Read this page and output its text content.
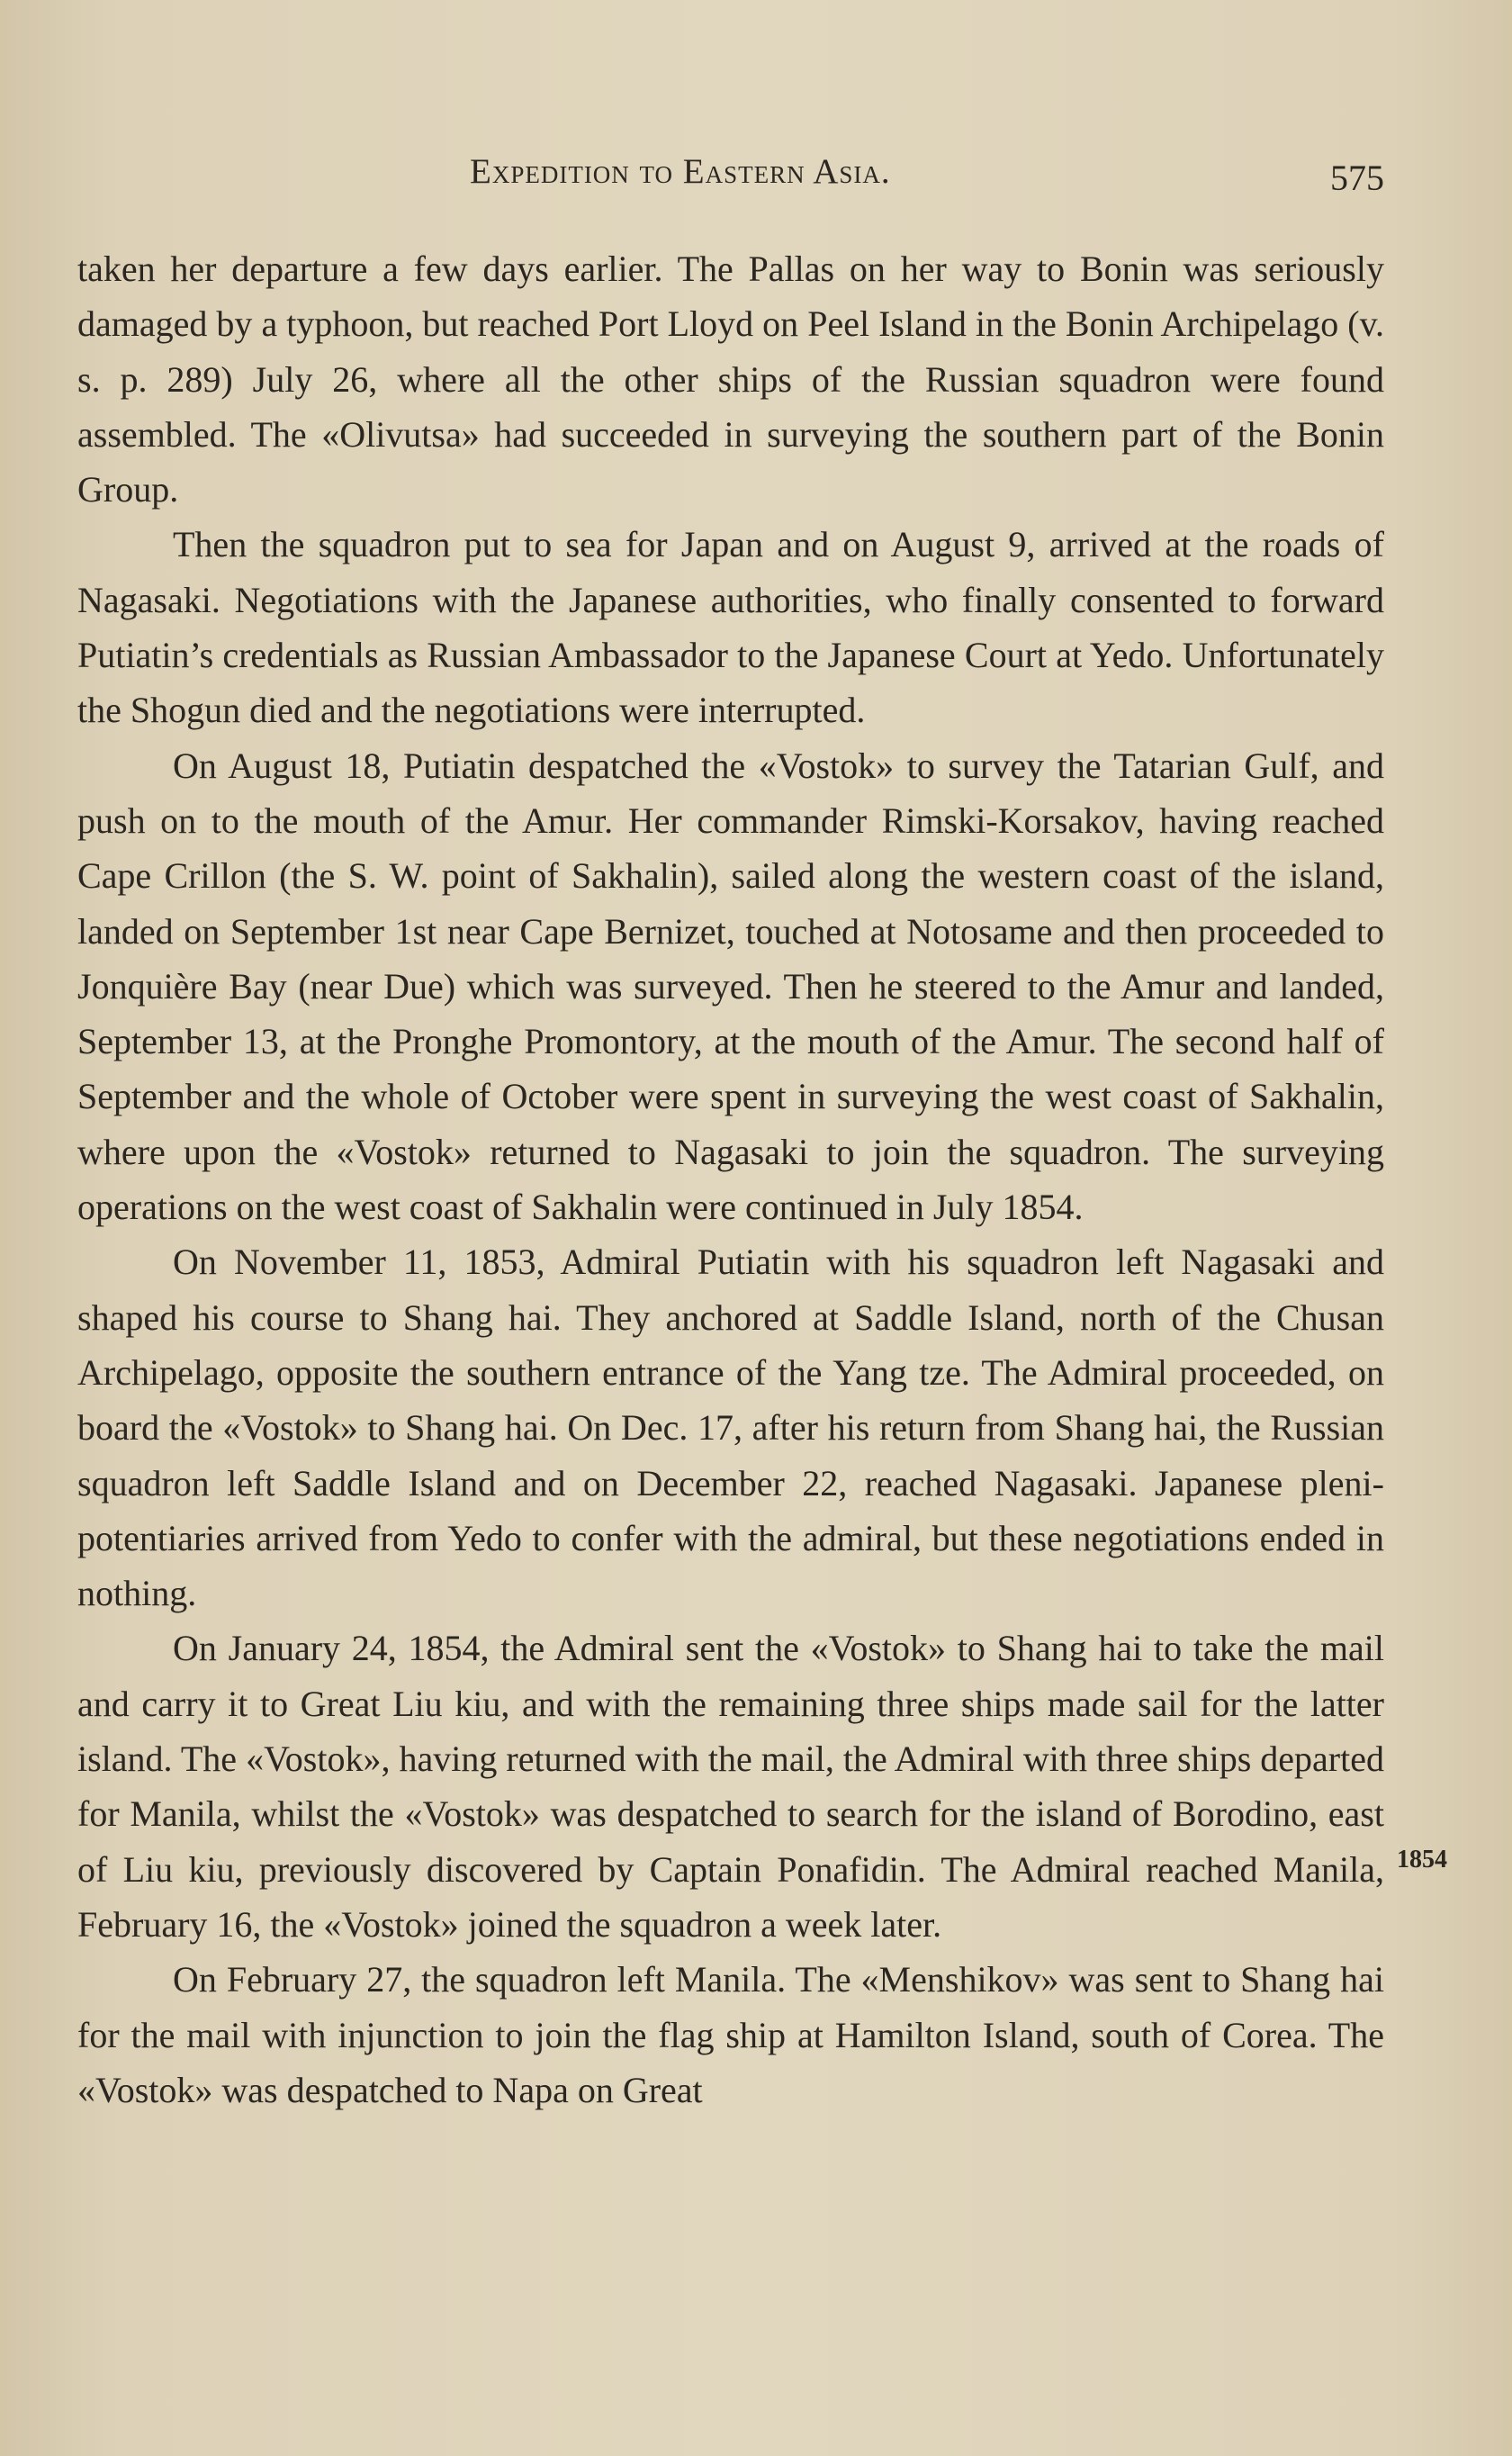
Expedition to Eastern Asia.	575

taken her departure a few days earlier. The Pallas on her way to Bonin was seriously damaged by a typhoon, but reached Port Lloyd on Peel Island in the Bonin Archipelago (v. s. p. 289) July 26, where all the other ships of the Russian squadron were found assembled. The «Olivutsa» had succeeded in surveying the southern part of the Bonin Group.

Then the squadron put to sea for Japan and on August 9, arrived at the roads of Nagasaki. Negotiations with the Japanese authorities, who finally consented to forward Putiatin’s credentials as Russian Ambassador to the Japanese Court at Yedo. Unfortunately the Shogun died and the negotiations were interrupted.

On August 18, Putiatin despatched the «Vostok» to survey the Tatarian Gulf, and push on to the mouth of the Amur. Her commander Rimski-Korsakov, having reached Cape Crillon (the S. W. point of Sakhalin), sailed along the western coast of the island, landed on September 1st near Cape Bernizet, touched at Notosame and then proceeded to Jonquière Bay (near Due) which was surveyed. Then he steered to the Amur and landed, September 13, at the Pronghe Promontory, at the mouth of the Amur. The second half of September and the whole of October were spent in surveying the west coast of Sakhalin, where upon the «Vostok» returned to Nagasaki to join the squadron. The surveying operations on the west coast of Sakhalin were continued in July 1854.

On November 11, 1853, Admiral Putiatin with his squadron left Nagasaki and shaped his course to Shang hai. They anchored at Saddle Island, north of the Chusan Archipelago, opposite the southern entrance of the Yang tze. The Admiral proceeded, on board the «Vostok» to Shang hai. On Dec. 17, after his return from Shang hai, the Russian squadron left Saddle Island and on December 22, reached Nagasaki. Japanese plenipotentiaries arrived from Yedo to confer with the admiral, but these negotiations ended in nothing.

On January 24, 1854, the Admiral sent the «Vostok» to Shang hai to take the mail and carry it to Great Liu kiu, and with the remaining three ships made sail for the latter island. The «Vostok», having returned with the mail, the Admiral with three ships departed for Manila, whilst the «Vostok» was despatched to search for the island of Borodino, east of Liu kiu, previously discovered by Captain Ponafidin. The Admiral reached Manila, February 16, the «Vostok» joined the squadron a week later.

On February 27, the squadron left Manila. The «Menshikov» was sent to Shang hai for the mail with injunction to join the flag ship at Hamilton Island, south of Corea. The «Vostok» was despatched to Napa on Great

1854
